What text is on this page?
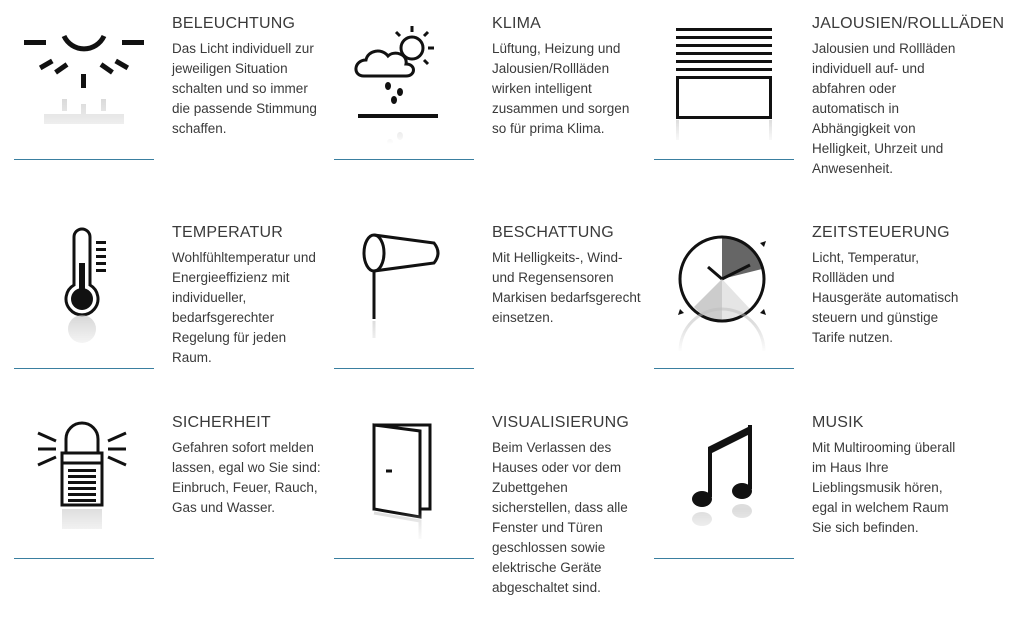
BELEUCHTUNG
Das Licht individuell zur jeweiligen Situation schalten und so immer die passende Stimmung schaffen.
KLIMA
Lüftung, Heizung und Jalousien/Rollläden wirken intelligent zusammen und sorgen so für prima Klima.
JALOUSIEN/ROLLLÄDEN
Jalousien und Rollläden individuell auf- und abfahren oder automatisch in Abhängigkeit von Helligkeit, Uhrzeit und Anwesenheit.
TEMPERATUR
Wohlfühltemperatur und Energieeffizienz mit individueller, bedarfsgerechter Regelung für jeden Raum.
BESCHATTUNG
Mit Helligkeits-, Wind- und Regensensoren Markisen bedarfsgerecht einsetzen.
ZEITSTEUERUNG
Licht, Temperatur, Rollläden und Hausgeräte automatisch steuern und günstige Tarife nutzen.
SICHERHEIT
Gefahren sofort melden lassen, egal wo Sie sind: Einbruch, Feuer, Rauch, Gas und Wasser.
VISUALISIERUNG
Beim Verlassen des Hauses oder vor dem Zubettgehen sicherstellen, dass alle Fenster und Türen geschlossen sowie elektrische Geräte abgeschaltet sind.
MUSIK
Mit Multirooming überall im Haus Ihre Lieblingsmusik hören, egal in welchem Raum Sie sich befinden.
